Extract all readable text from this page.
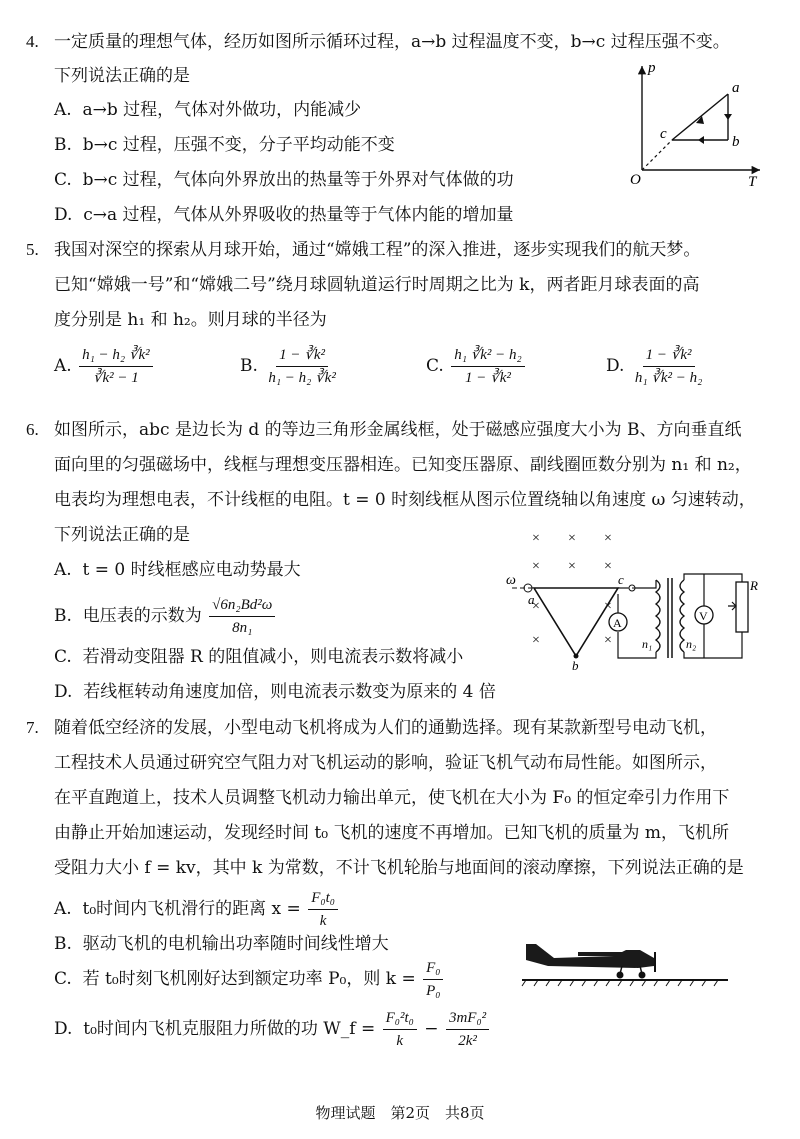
4. 一定质量的理想气体，经历如图所示循环过程，a→b 过程温度不变，b→c 过程压强不变。
下列说法正确的是
A. a→b 过程，气体对外做功，内能减少
B. b→c 过程，压强不变，分子平均动能不变
C. b→c 过程，气体向外界放出的热量等于外界对气体做的功
D. c→a 过程，气体从外界吸收的热量等于气体内能的增加量
p
T
O
a
b
c
5. 我国对深空的探索从月球开始，通过“嫦娥工程”的深入推进，逐步实现我们的航天梦。
已知“嫦娥一号”和“嫦娥二号”绕月球圆轨道运行时周期之比为 k，两者距月球表面的高
度分别是 h₁ 和 h₂。则月球的半径为
A. $\frac{\text{h₁ − h₂ ∛k²}}{\text{∛k² − 1}}$	B. $\frac{\text{1 − ∛k²}}{\text{h₁ − h₂ ∛k²}}$	C. $\frac{\text{h₁ ∛k² − h₂}}{\text{1 − ∛k²}}$	D. $\frac{\text{1 − ∛k²}}{\text{h₁ ∛k² − h₂}}$
6. 如图所示，abc 是边长为 d 的等边三角形金属线框，处于磁感应强度大小为 B、方向垂直纸
面向里的匀强磁场中，线框与理想变压器相连。已知变压器原、副线圈匝数分别为 n₁ 和 n₂，
电表均为理想电表，不计线框的电阻。t = 0 时刻线框从图示位置绕轴以角速度 ω 匀速转动，
下列说法正确的是
A. t = 0 时线框感应电动势最大
B. 电压表的示数为 $\frac{\text{√6n₂Bd²ω}}{\text{8n₁}}$
C. 若滑动变阻器 R 的阻值减小，则电流表示数将减小
D. 若线框转动角速度加倍，则电流表示数变为原来的 4 倍
× × ×
× × ×
×	×
×	×
ω
a
b
c
A
n₁	n₂
V
R
7. 随着低空经济的发展，小型电动飞机将成为人们的通勤选择。现有某款新型号电动飞机，
工程技术人员通过研究空气阻力对飞机运动的影响，验证飞机气动布局性能。如图所示，
在平直跑道上，技术人员调整飞机动力输出单元，使飞机在大小为 F₀ 的恒定牵引力作用下
由静止开始加速运动，发现经时间 t₀ 飞机的速度不再增加。已知飞机的质量为 m，飞机所
受阻力大小 f = kv，其中 k 为常数，不计飞机轮胎与地面间的滚动摩擦，下列说法正确的是
A. t₀时间内飞机滑行的距离 $x = \frac{\text{F₀t₀}}{k}$
B. 驱动飞机的电机输出功率随时间线性增大
C. 若 t₀时刻飞机刚好达到额定功率 P₀，则 $k = \frac{\text{F₀}}{\text{P₀}}$
D. t₀时间内飞机克服阻力所做的功 W_f = $\frac{\text{F₀²t₀}}{k} - \frac{\text{3mF₀²}}{\text{2k²}}$
物理试题　第2页　共8页
